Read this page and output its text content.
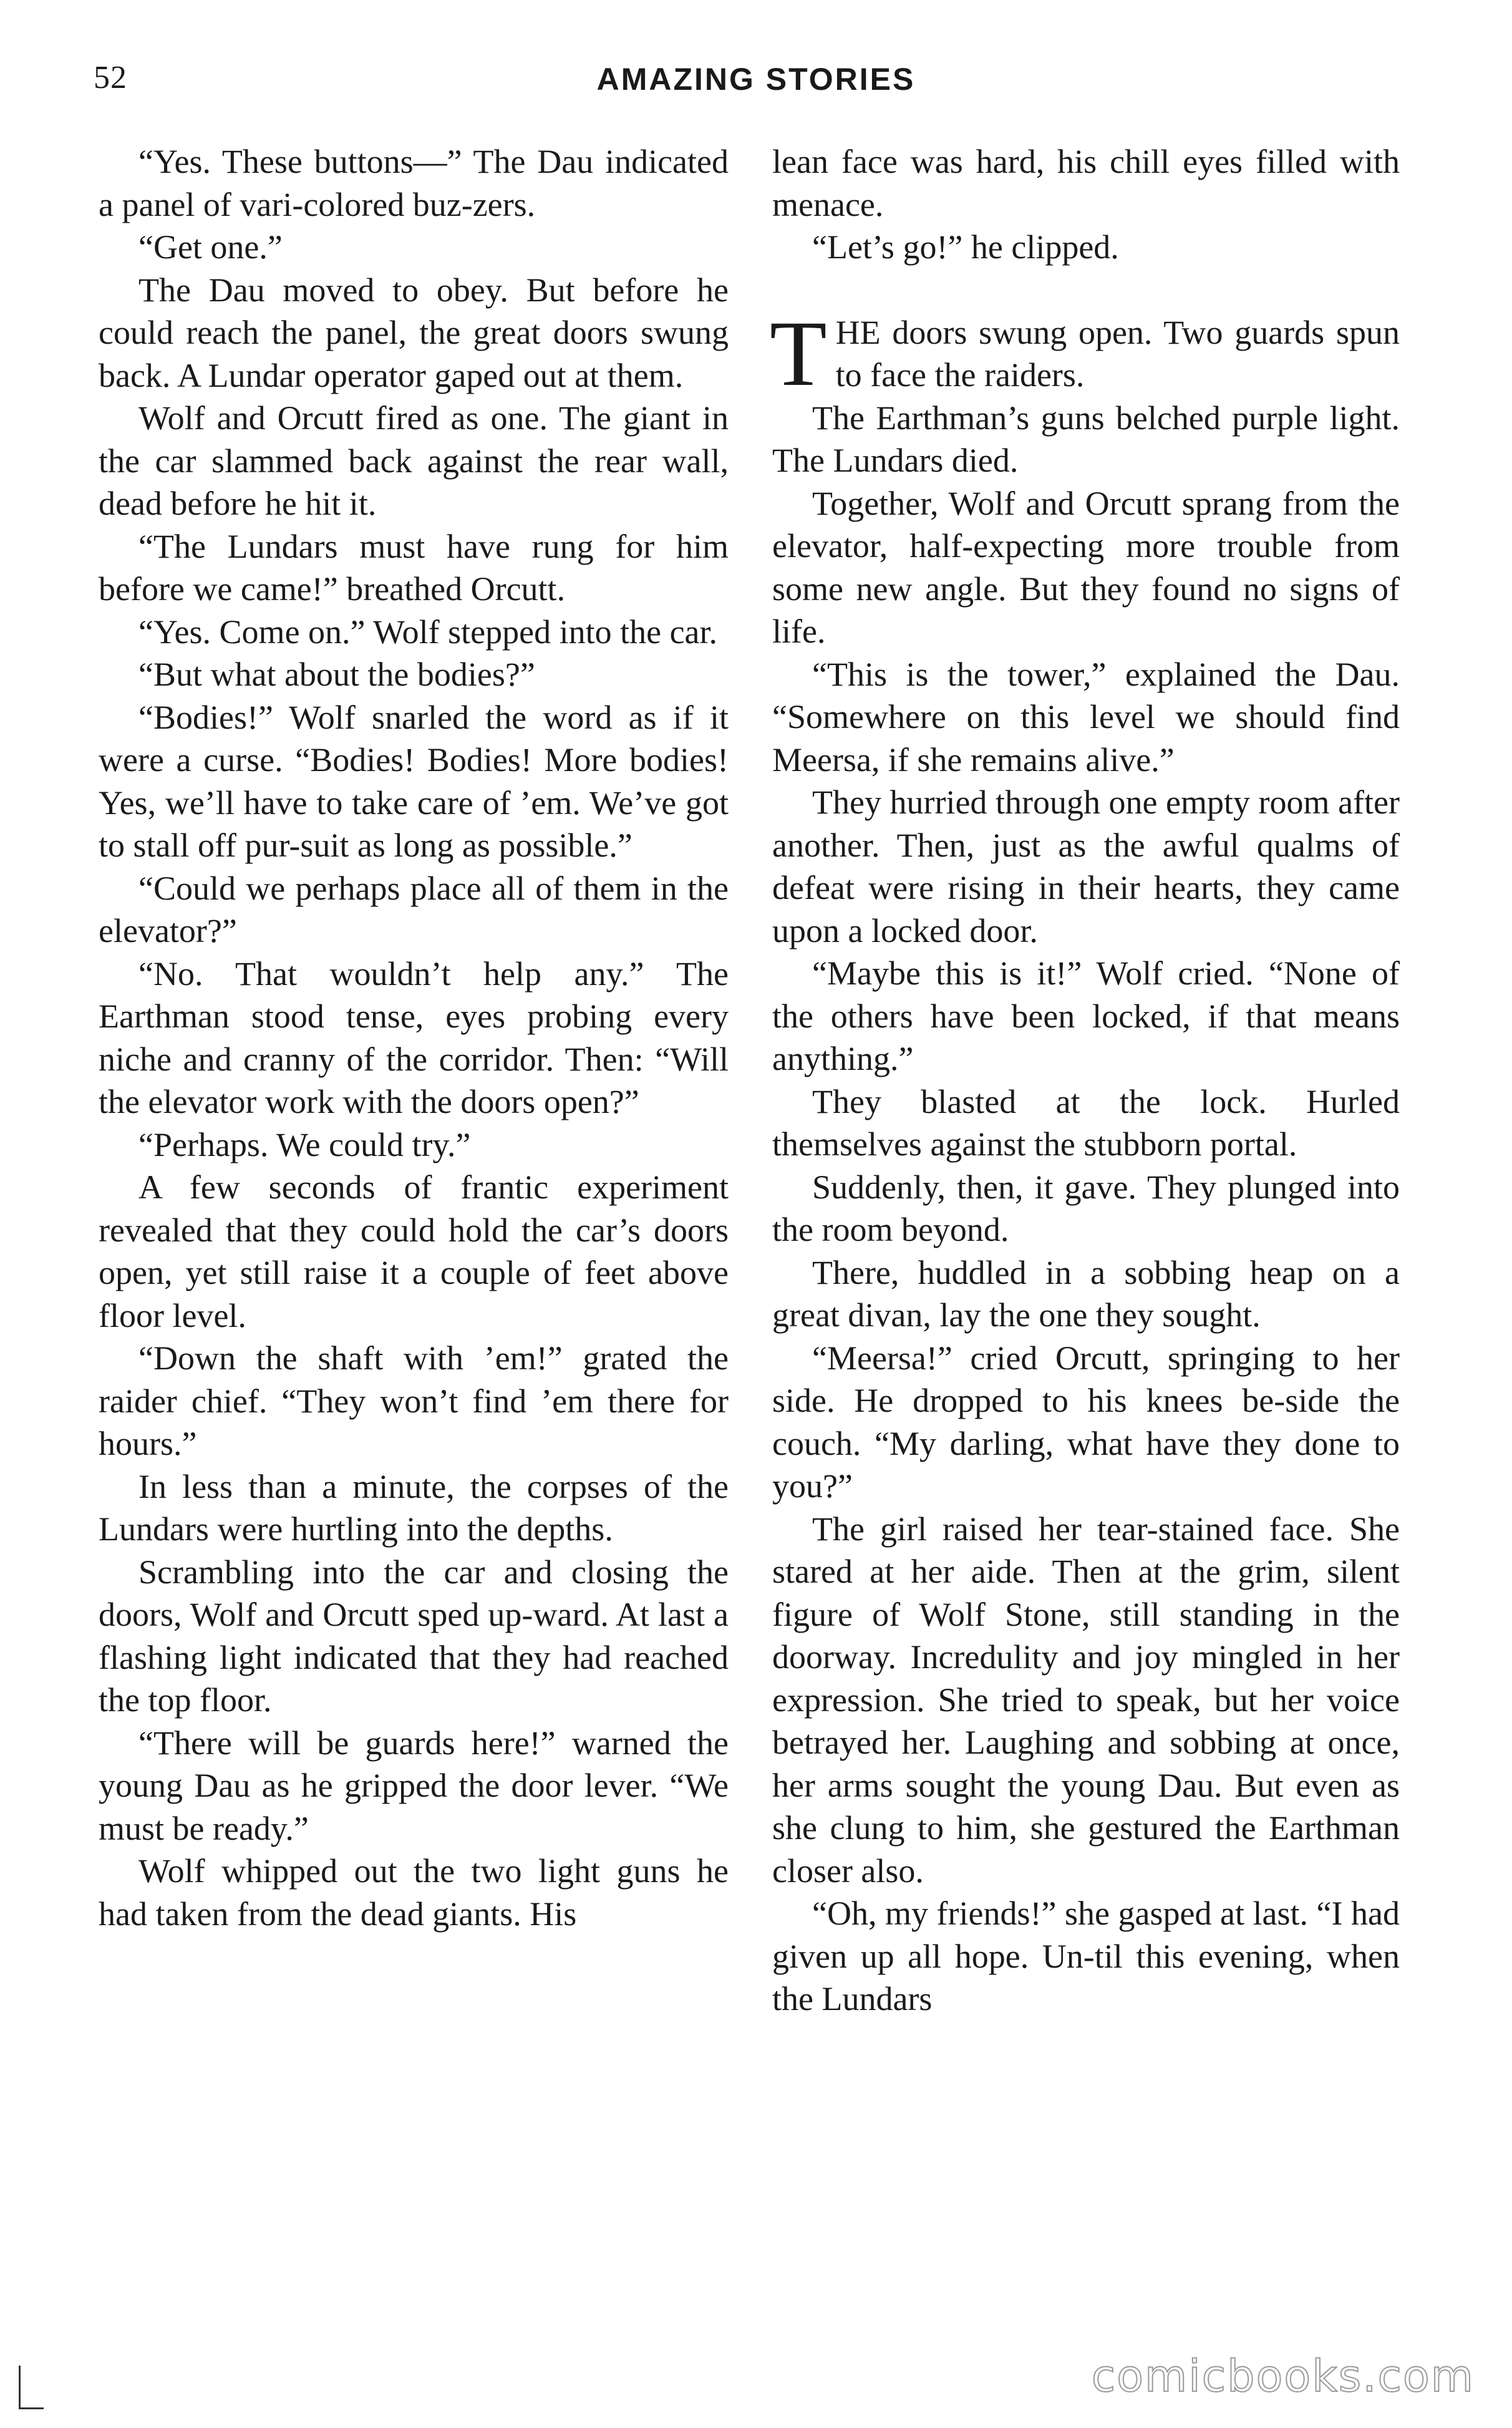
52	AMAZING STORIES

“Yes. These buttons—” The Dau indicated a panel of vari-colored buz-zers.

“Get one.”

The Dau moved to obey. But before he could reach the panel, the great doors swung back. A Lundar operator gaped out at them.

Wolf and Orcutt fired as one. The giant in the car slammed back against the rear wall, dead before he hit it.

“The Lundars must have rung for him before we came!” breathed Orcutt.

“Yes. Come on.” Wolf stepped into the car.

“But what about the bodies?”

“Bodies!” Wolf snarled the word as if it were a curse. “Bodies! Bodies! More bodies! Yes, we’ll have to take care of ’em. We’ve got to stall off pur-suit as long as possible.”

“Could we perhaps place all of them in the elevator?”

“No. That wouldn’t help any.” The Earthman stood tense, eyes probing every niche and cranny of the corridor. Then: “Will the elevator work with the doors open?”

“Perhaps. We could try.”

A few seconds of frantic experiment revealed that they could hold the car’s doors open, yet still raise it a couple of feet above floor level.

“Down the shaft with ’em!” grated the raider chief. “They won’t find ’em there for hours.”

In less than a minute, the corpses of the Lundars were hurtling into the depths.

Scrambling into the car and closing the doors, Wolf and Orcutt sped up-ward. At last a flashing light indicated that they had reached the top floor.

“There will be guards here!” warned the young Dau as he gripped the door lever. “We must be ready.”

Wolf whipped out the two light guns he had taken from the dead giants. His

lean face was hard, his chill eyes filled with menace.

“Let’s go!” he clipped.

THE doors swung open. Two guards spun to face the raiders.

The Earthman’s guns belched purple light. The Lundars died.

Together, Wolf and Orcutt sprang from the elevator, half-expecting more trouble from some new angle. But they found no signs of life.

“This is the tower,” explained the Dau. “Somewhere on this level we should find Meersa, if she remains alive.”

They hurried through one empty room after another. Then, just as the awful qualms of defeat were rising in their hearts, they came upon a locked door.

“Maybe this is it!” Wolf cried. “None of the others have been locked, if that means anything.”

They blasted at the lock. Hurled themselves against the stubborn portal.

Suddenly, then, it gave. They plunged into the room beyond.

There, huddled in a sobbing heap on a great divan, lay the one they sought.

“Meersa!” cried Orcutt, springing to her side. He dropped to his knees be-side the couch. “My darling, what have they done to you?”

The girl raised her tear-stained face. She stared at her aide. Then at the grim, silent figure of Wolf Stone, still standing in the doorway. Incredulity and joy mingled in her expression. She tried to speak, but her voice betrayed her. Laughing and sobbing at once, her arms sought the young Dau. But even as she clung to him, she gestured the Earthman closer also.

“Oh, my friends!” she gasped at last. “I had given up all hope. Un-til this evening, when the Lundars

comicbooks.com
